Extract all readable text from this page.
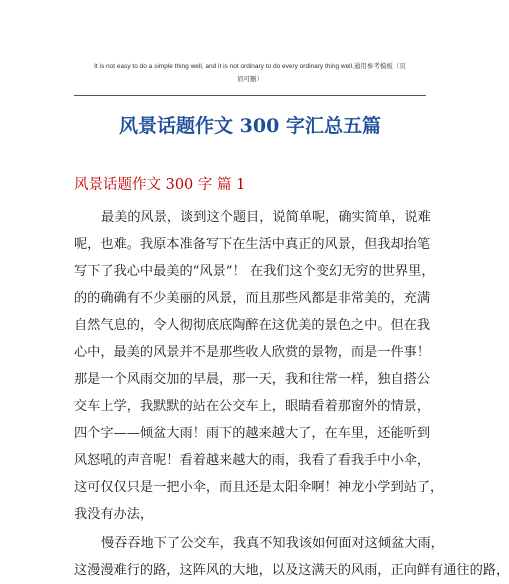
It is not easy to do a simple thing well, and it is not ordinary to do every ordinary thing well.通用参考模板（页
眉可删）
风景话题作文 300 字汇总五篇
风景话题作文 300 字 篇 1
最美的风景，谈到这个题目，说简单呢，确实简单，说难
呢，也难。我原本准备写下在生活中真正的风景，但我却抬笔
写下了我心中最美的“风景”！ 在我们这个变幻无穷的世界里，
的的确确有不少美丽的风景，而且那些风都是非常美的，充满
自然气息的，令人彻彻底底陶醉在这优美的景色之中。但在我
心中，最美的风景并不是那些收人欣赏的景物，而是一件事！
那是一个风雨交加的早晨，那一天，我和往常一样，独自搭公
交车上学，我默默的站在公交车上，眼睛看着那窗外的情景，
四个字——倾盆大雨！雨下的越来越大了，在车里，还能听到
风怒吼的声音呢！看着越来越大的雨，我看了看我手中小伞，
这可仅仅只是一把小伞，而且还是太阳伞啊！神龙小学到站了，
我没有办法，
慢吞吞地下了公交车，我真不知我该如何面对这倾盆大雨，
这漫漫难行的路，这阵风的大地，以及这满天的风雨，正向鲜有通往的路，
